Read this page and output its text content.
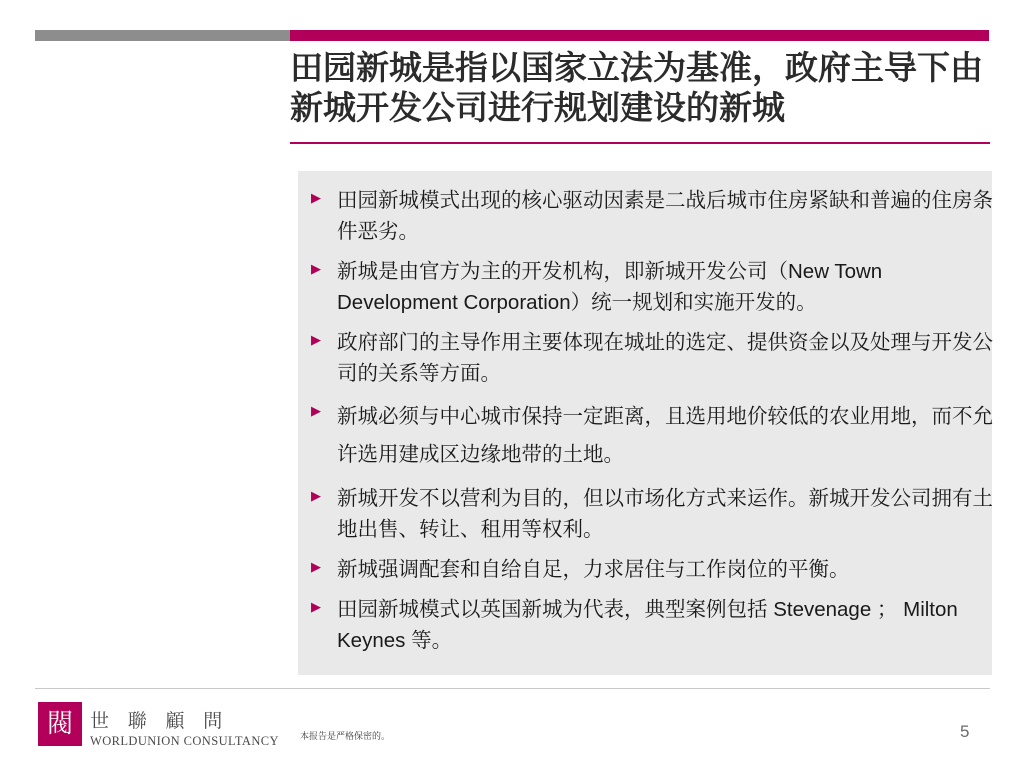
田园新城是指以国家立法为基准，政府主导下由新城开发公司进行规划建设的新城
▶ 田园新城模式出现的核心驱动因素是二战后城市住房紧缺和普遍的住房条件恶劣。
▶ 新城是由官方为主的开发机构，即新城开发公司（New Town Development Corporation）统一规划和实施开发的。
▶ 政府部门的主导作用主要体现在城址的选定、提供资金以及处理与开发公司的关系等方面。
▶ 新城必须与中心城市保持一定距离，且选用地价较低的农业用地，而不允许选用建成区边缘地带的土地。
▶ 新城开发不以营利为目的，但以市场化方式来运作。新城开发公司拥有土地出售、转让、租用等权利。
▶ 新城强调配套和自给自足，力求居住与工作岗位的平衡。
▶ 田园新城模式以英国新城为代表，典型案例包括 Stevenage ； Milton Keynes 等。
閥 世 聯 顧 問
WORLDUNION CONSULTANCY 本报告是严格保密的。	5
